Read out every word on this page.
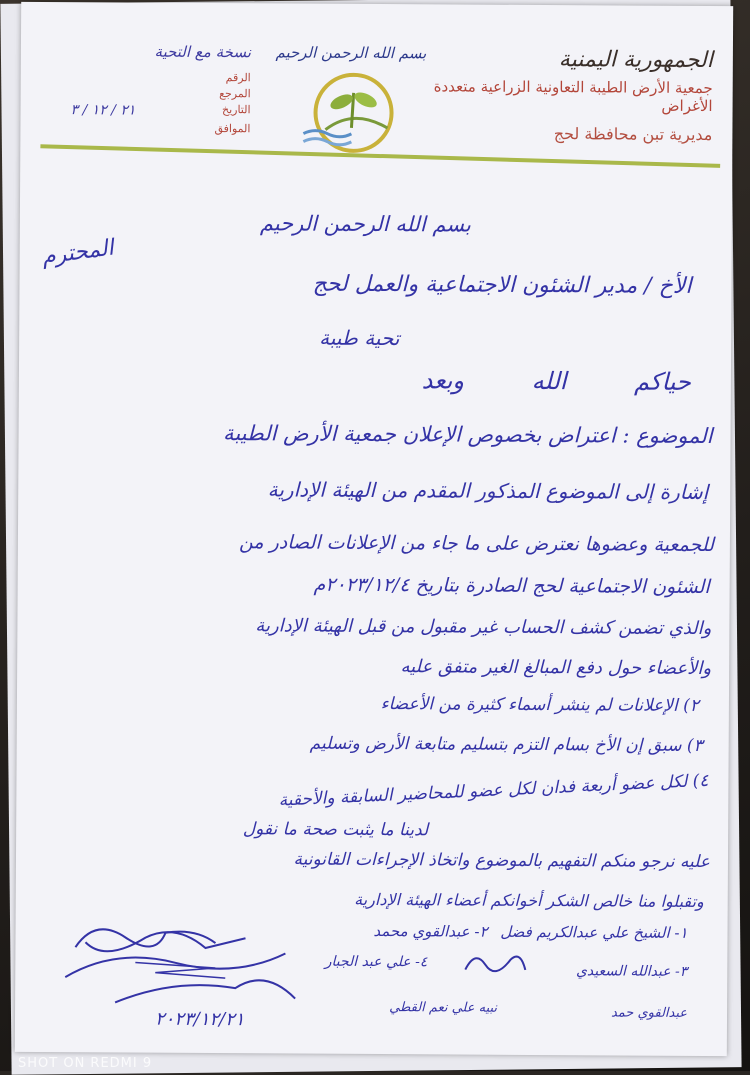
الجمهورية اليمنية
جمعية الأرض الطيبة التعاونية الزراعية متعددة الأغراض
مديرية تبن محافظة لحج
بسم الله الرحمن الرحيم
نسخة مع التحية
الرقم
المرجع
التاريخ
٢١ / ١٢ / ٣
الموافق
بسم الله الرحمن الرحيم
المحترم
الأخ / مدير الشئون الاجتماعية والعمل لحج
تحية طيبة
حياكم الله وبعد
الموضوع : اعتراض بخصوص الإعلان جمعية الأرض الطيبة
إشارة إلى الموضوع المذكور المقدم من الهيئة الإدارية
للجمعية وعضوها نعترض على ما جاء من الإعلانات الصادر من
الشئون الاجتماعية لحج الصادرة بتاريخ ٢٠٢٣/١٢/٤م
والذي تضمن كشف الحساب غير مقبول من قبل الهيئة الإدارية
والأعضاء حول دفع المبالغ الغير متفق عليه
٢) الإعلانات لم ينشر أسماء كثيرة من الأعضاء
٣) سبق إن الأخ بسام التزم بتسليم متابعة الأرض وتسليم
٤) لكل عضو أربعة فدان لكل عضو للمحاضير السابقة والأحقية
لدينا ما يثبت صحة ما نقول
عليه نرجو منكم التفهيم بالموضوع واتخاذ الإجراءات القانونية
وتقبلوا منا خالص الشكر أخوانكم أعضاء الهيئة الإدارية
١- الشيخ علي عبدالكريم فضل
٢- عبدالقوي محمد
٣- عبدالله السعيدي
٤- علي عبد الجبار
عبدالقوي حمد
نبيه علي نعم القطي
٢٠٢٣/١٢/٢١
SHOT ON REDMI 9
